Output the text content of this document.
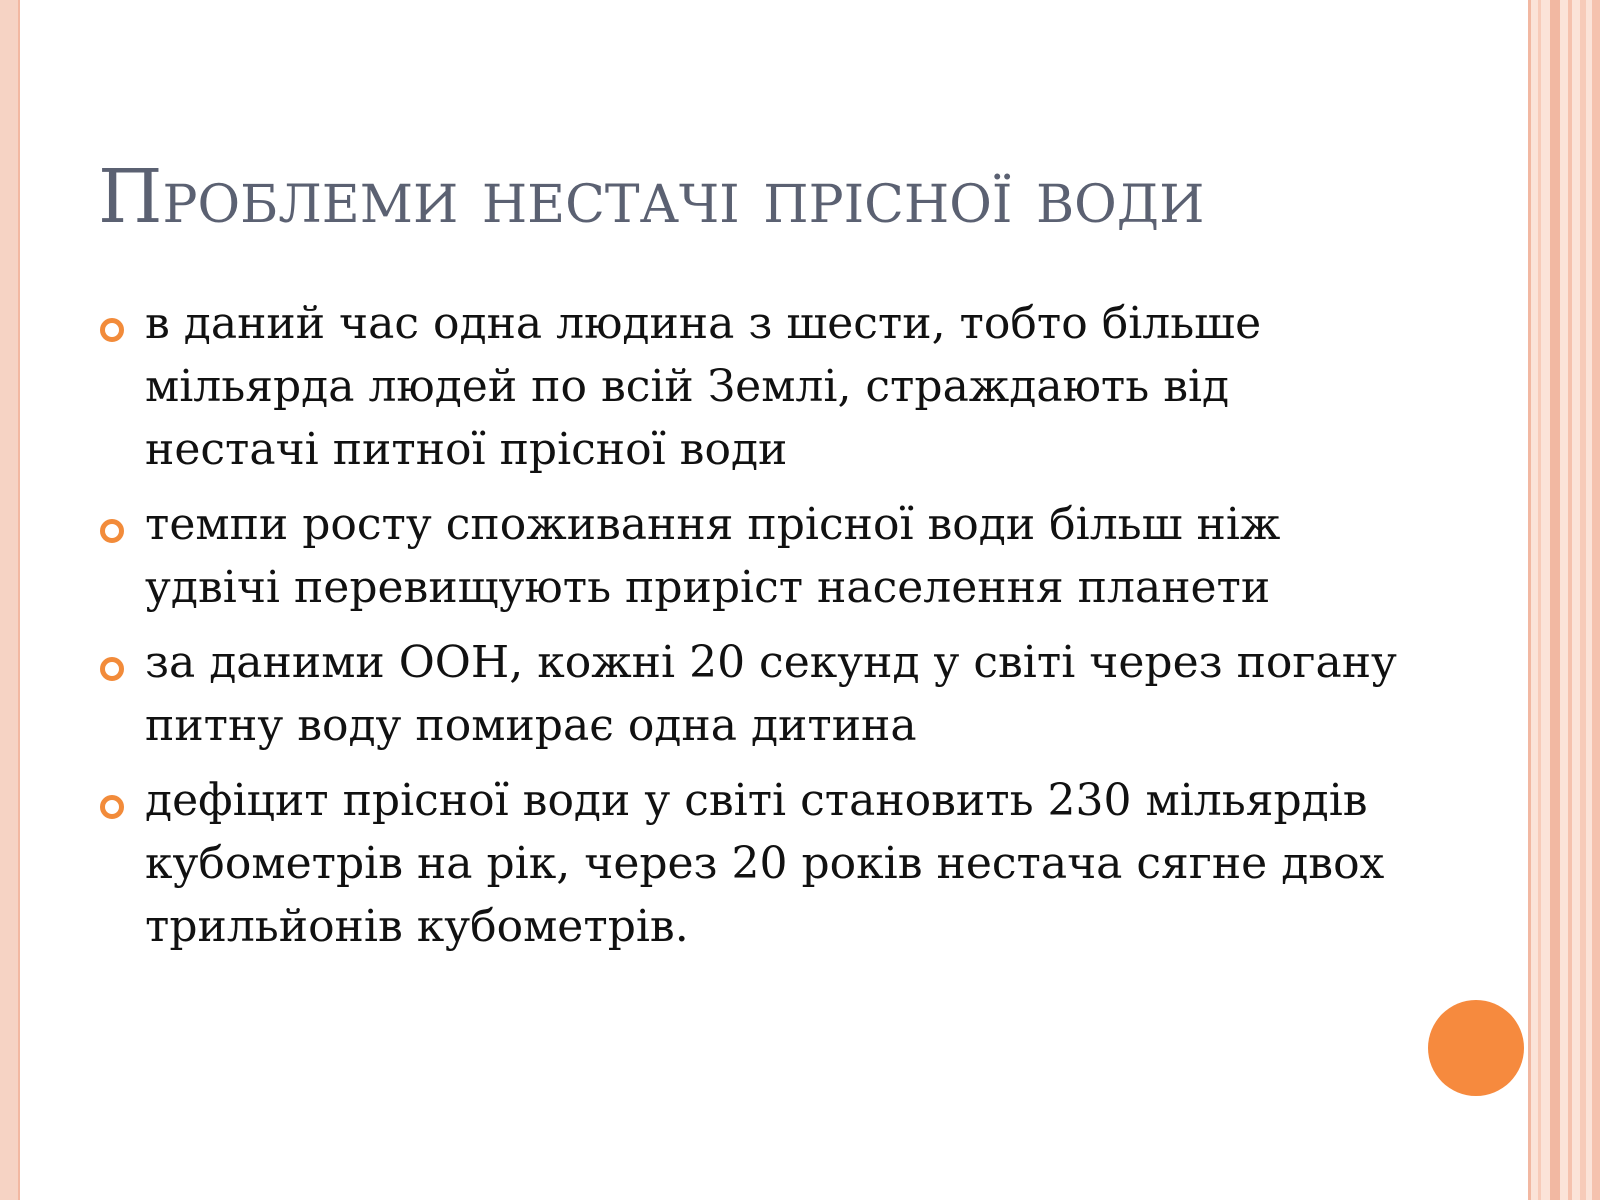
Проблеми нестачі прісної води
в даний час одна людина з шести, тобто більше мільярда людей по всій Землі, страждають від нестачі питної прісної води
темпи росту споживання прісної води більш ніж удвічі перевищують приріст населення планети
за даними ООН, кожні 20 секунд у світі через погану питну воду помирає одна дитина
дефіцит прісної води у світі становить 230 мільярдів кубометрів на рік, через 20 років нестача сягне двох трильйонів кубометрів.
